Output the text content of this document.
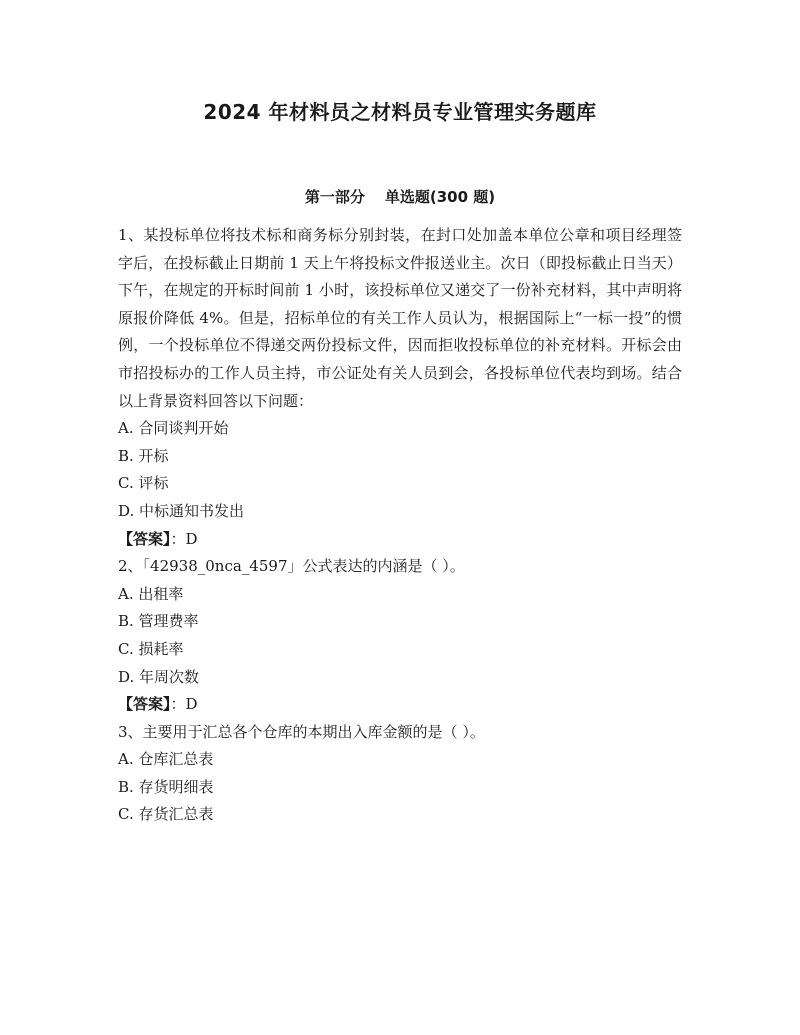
2024 年材料员之材料员专业管理实务题库
第一部分 单选题(300 题)

1、某投标单位将技术标和商务标分别封装，在封口处加盖本单位公章和项目经理签字后，在投标截止日期前 1 天上午将投标文件报送业主。次日（即投标截止日当天）下午，在规定的开标时间前 1 小时，该投标单位又递交了一份补充材料，其中声明将原报价降低 4%。但是，招标单位的有关工作人员认为，根据国际上“一标一投”的惯例，一个投标单位不得递交两份投标文件，因而拒收投标单位的补充材料。开标会由市招投标办的工作人员主持，市公证处有关人员到会，各投标单位代表均到场。结合以上背景资料回答以下问题：

A. 合同谈判开始

B. 开标

C. 评标

D. 中标通知书发出

【答案】：D

2、「42938_0nca_4597」公式表达的内涵是（ ）。

A. 出租率

B. 管理费率

C. 损耗率

D. 年周次数

【答案】：D

3、主要用于汇总各个仓库的本期出入库金额的是（ ）。

A. 仓库汇总表

B. 存货明细表

C. 存货汇总表
